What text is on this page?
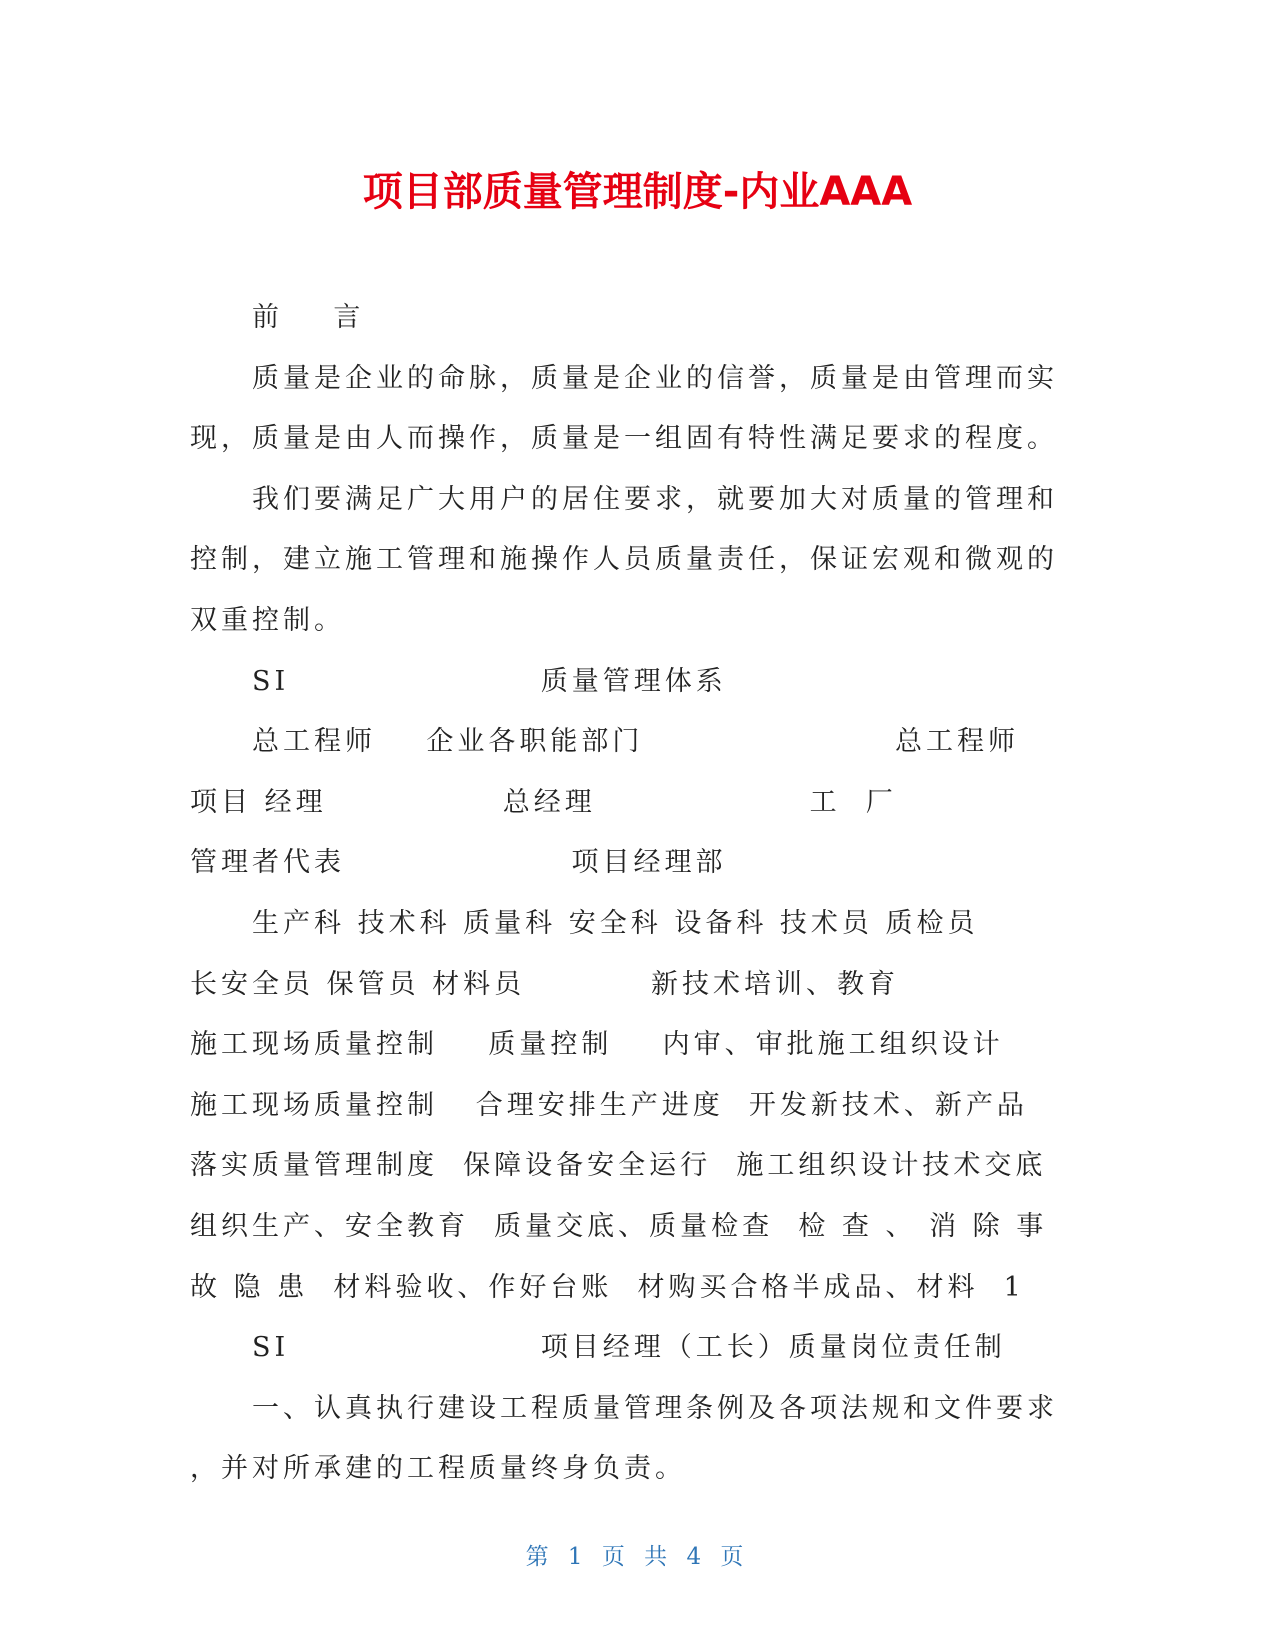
项目部质量管理制度-内业AAA
前    言
质量是企业的命脉，质量是企业的信誉，质量是由管理而实
现，质量是由人而操作，质量是一组固有特性满足要求的程度。
我们要满足广大用户的居住要求，就要加大对质量的管理和
控制，建立施工管理和施操作人员质量责任，保证宏观和微观的
双重控制。
SI                    质量管理体系
总工程师    企业各职能部门                    总工程师
项目 经理              总经理                 工  厂
管理者代表                  项目经理部
生产科 技术科 质量科 安全科 设备科 技术员 质检员
长安全员 保管员 材料员          新技术培训、教育
施工现场质量控制    质量控制    内审、审批施工组织设计
施工现场质量控制   合理安排生产进度  开发新技术、新产品
落实质量管理制度  保障设备安全运行  施工组织设计技术交底
组织生产、安全教育  质量交底、质量检查  检 查 、 消 除 事
故 隐 患  材料验收、作好台账  材购买合格半成品、材料  1
SI                    项目经理（工长）质量岗位责任制
一、认真执行建设工程质量管理条例及各项法规和文件要求
，并对所承建的工程质量终身负责。
第 1 页 共 4 页
